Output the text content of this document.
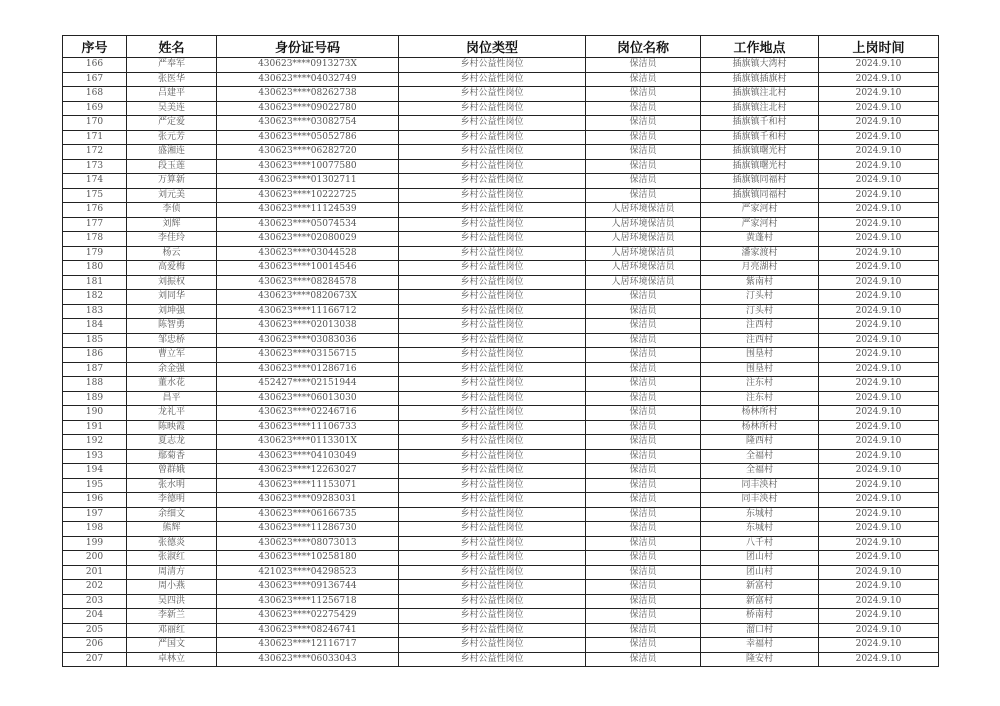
序号	姓名	身份证号码	岗位类型	岗位名称	工作地点	上岗时间
166	严奉军	430623****0913273X	乡村公益性岗位	保洁员	插旗镇大湾村	2024.9.10
167	张医华	430623****04032749	乡村公益性岗位	保洁员	插旗镇插旗村	2024.9.10
168	吕建平	430623****08262738	乡村公益性岗位	保洁员	插旗镇注北村	2024.9.10
169	吴美连	430623****09022780	乡村公益性岗位	保洁员	插旗镇注北村	2024.9.10
170	严定爱	430623****03082754	乡村公益性岗位	保洁员	插旗镇千和村	2024.9.10
171	张元芳	430623****05052786	乡村公益性岗位	保洁员	插旗镇千和村	2024.9.10
172	盛湘连	430623****06282720	乡村公益性岗位	保洁员	插旗镇曙光村	2024.9.10
173	段玉莲	430623****10077580	乡村公益性岗位	保洁员	插旗镇曙光村	2024.9.10
174	万算新	430623****01302711	乡村公益性岗位	保洁员	插旗镇同福村	2024.9.10
175	刘元美	430623****10222725	乡村公益性岗位	保洁员	插旗镇同福村	2024.9.10
176	李侦	430623****11124539	乡村公益性岗位	人居环境保洁员	严家河村	2024.9.10
177	刘辉	430623****05074534	乡村公益性岗位	人居环境保洁员	严家河村	2024.9.10
178	李佳玲	430623****02080029	乡村公益性岗位	人居环境保洁员	黄蓬村	2024.9.10
179	杨云	430623****03044528	乡村公益性岗位	人居环境保洁员	潘家渡村	2024.9.10
180	高爱梅	430623****10014546	乡村公益性岗位	人居环境保洁员	月亮湖村	2024.9.10
181	刘振权	430623****08284578	乡村公益性岗位	人居环境保洁员	紫南村	2024.9.10
182	刘同华	430623****0820673X	乡村公益性岗位	保洁员	汀头村	2024.9.10
183	刘坤强	430623****11166712	乡村公益性岗位	保洁员	汀头村	2024.9.10
184	陈智勇	430623****02013038	乡村公益性岗位	保洁员	注西村	2024.9.10
185	邹忠桥	430623****03083036	乡村公益性岗位	保洁员	注西村	2024.9.10
186	曹立军	430623****03156715	乡村公益性岗位	保洁员	围垦村	2024.9.10
187	余金强	430623****01286716	乡村公益性岗位	保洁员	围垦村	2024.9.10
188	董水花	452427****02151944	乡村公益性岗位	保洁员	注东村	2024.9.10
189	昌平	430623****06013030	乡村公益性岗位	保洁员	注东村	2024.9.10
190	龙礼平	430623****02246716	乡村公益性岗位	保洁员	杨林所村	2024.9.10
191	陈映霞	430623****11106733	乡村公益性岗位	保洁员	杨林所村	2024.9.10
192	夏志龙	430623****0113301X	乡村公益性岗位	保洁员	隆西村	2024.9.10
193	鄢菊香	430623****04103049	乡村公益性岗位	保洁员	全福村	2024.9.10
194	曾群娥	430623****12263027	乡村公益性岗位	保洁员	全福村	2024.9.10
195	张水明	430623****11153071	乡村公益性岗位	保洁员	同丰泱村	2024.9.10
196	李德明	430623****09283031	乡村公益性岗位	保洁员	同丰泱村	2024.9.10
197	余细文	430623****06166735	乡村公益性岗位	保洁员	东城村	2024.9.10
198	熊辉	430623****11286730	乡村公益性岗位	保洁员	东城村	2024.9.10
199	张德炎	430623****08073013	乡村公益性岗位	保洁员	八千村	2024.9.10
200	张淑红	430623****10258180	乡村公益性岗位	保洁员	团山村	2024.9.10
201	周清方	421023****04298523	乡村公益性岗位	保洁员	团山村	2024.9.10
202	周小燕	430623****09136744	乡村公益性岗位	保洁员	新富村	2024.9.10
203	吴四洪	430623****11256718	乡村公益性岗位	保洁员	新富村	2024.9.10
204	李新兰	430623****02275429	乡村公益性岗位	保洁员	桥南村	2024.9.10
205	邓丽红	430623****08246741	乡村公益性岗位	保洁员	溜口村	2024.9.10
206	严国文	430623****12116717	乡村公益性岗位	保洁员	幸福村	2024.9.10
207	卓林立	430623****06033043	乡村公益性岗位	保洁员	隆安村	2024.9.10
